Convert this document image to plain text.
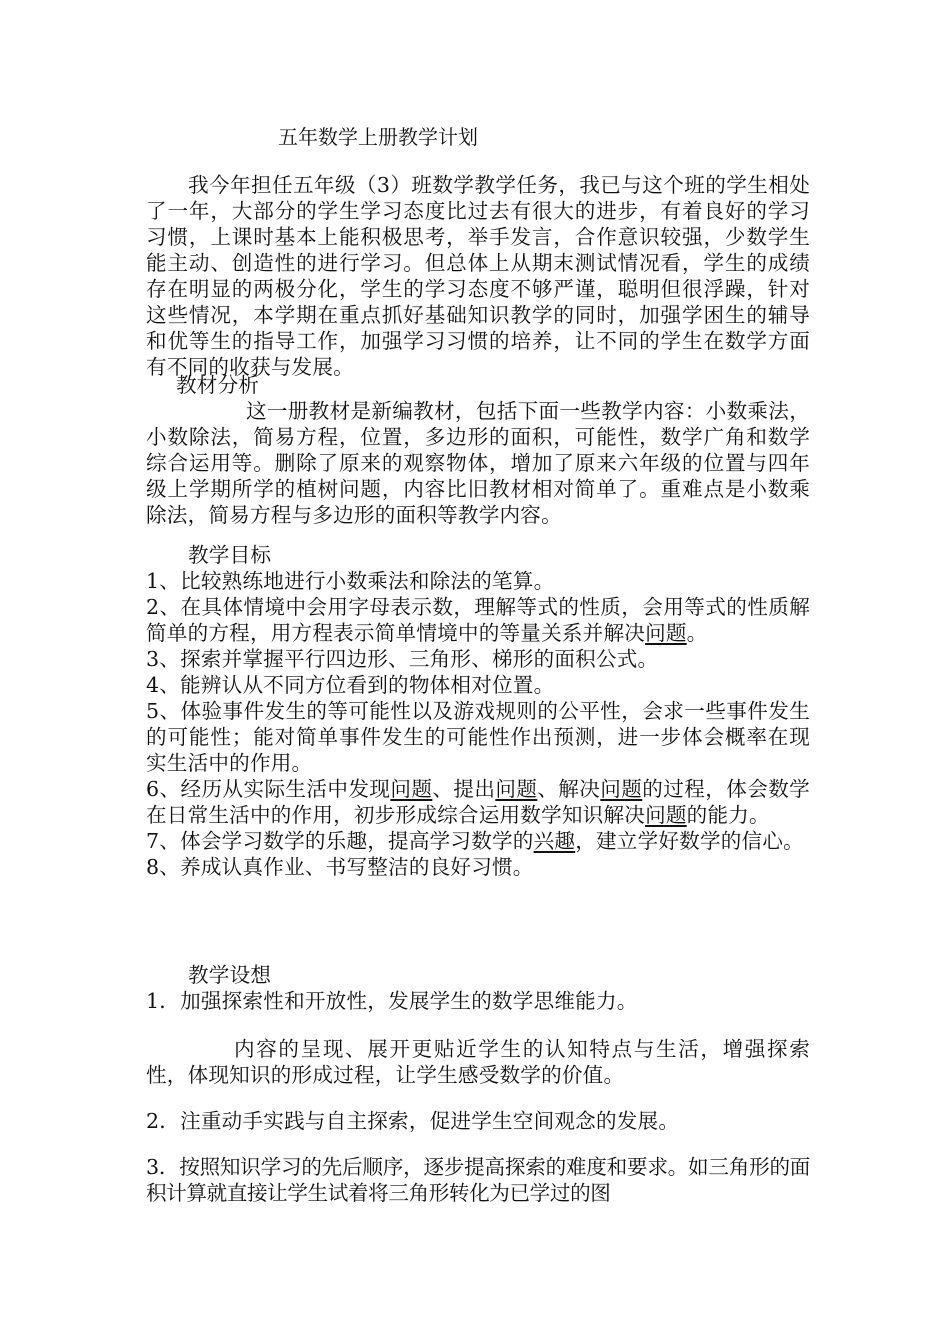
五年数学上册教学计划

我今年担任五年级（3）班数学教学任务，我已与这个班的学生相处了一年，大部分的学生学习态度比过去有很大的进步，有着良好的学习习惯，上课时基本上能积极思考，举手发言，合作意识较强，少数学生能主动、创造性的进行学习。但总体上从期末测试情况看，学生的成绩存在明显的两极分化，学生的学习态度不够严谨，聪明但很浮躁，针对这些情况，本学期在重点抓好基础知识教学的同时，加强学困生的辅导和优等生的指导工作，加强学习习惯的培养，让不同的学生在数学方面有不同的收获与发展。

教材分析

这一册教材是新编教材，包括下面一些教学内容：小数乘法，小数除法，简易方程，位置，多边形的面积，可能性，数学广角和数学综合运用等。删除了原来的观察物体，增加了原来六年级的位置与四年级上学期所学的植树问题，内容比旧教材相对简单了。重难点是小数乘除法，简易方程与多边形的面积等教学内容。

教学目标

1、比较熟练地进行小数乘法和除法的笔算。

2、在具体情境中会用字母表示数，理解等式的性质，会用等式的性质解简单的方程，用方程表示简单情境中的等量关系并解决问题。

3、探索并掌握平行四边形、三角形、梯形的面积公式。

4、能辨认从不同方位看到的物体相对位置。

5、体验事件发生的等可能性以及游戏规则的公平性，会求一些事件发生的可能性；能对简单事件发生的可能性作出预测，进一步体会概率在现实生活中的作用。

6、经历从实际生活中发现问题、提出问题、解决问题的过程，体会数学在日常生活中的作用，初步形成综合运用数学知识解决问题的能力。

7、体会学习数学的乐趣，提高学习数学的兴趣，建立学好数学的信心。

8、养成认真作业、书写整洁的良好习惯。

教学设想

1．加强探索性和开放性，发展学生的数学思维能力。

内容的呈现、展开更贴近学生的认知特点与生活，增强探索性，体现知识的形成过程，让学生感受数学的价值。

2．注重动手实践与自主探索，促进学生空间观念的发展。

3．按照知识学习的先后顺序，逐步提高探索的难度和要求。如三角形的面积计算就直接让学生试着将三角形转化为已学过的图
